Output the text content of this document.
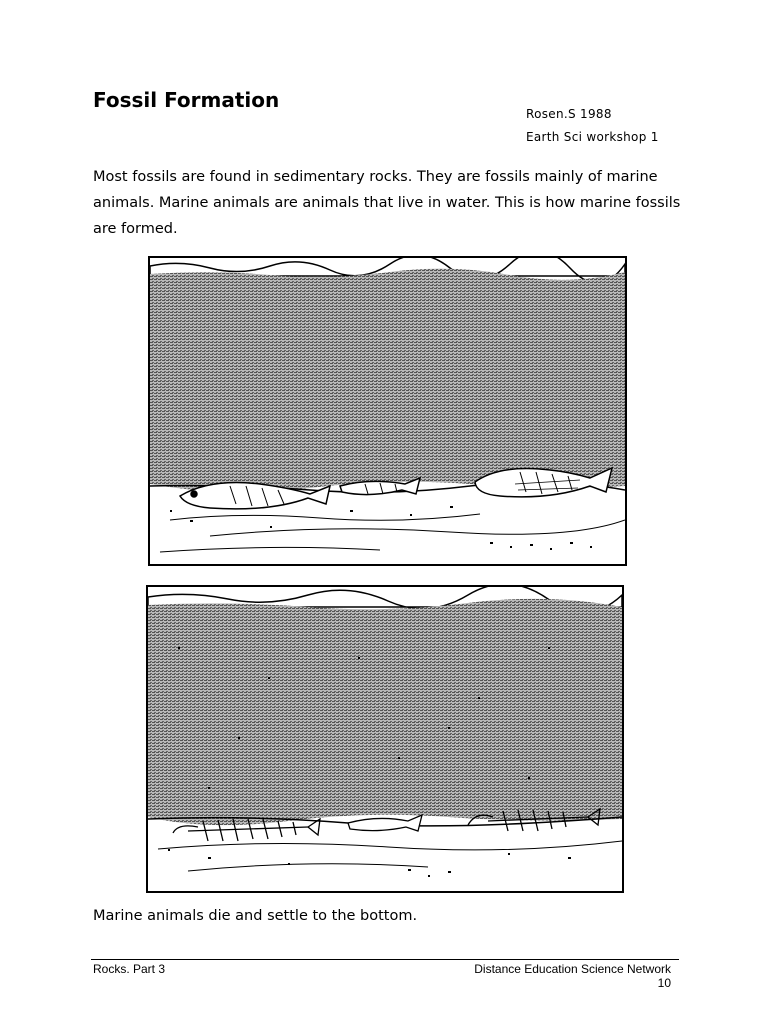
Fossil Formation
Rosen.S 1988
Earth Sci workshop 1
Most fossils are found in sedimentary rocks. They are fossils mainly of marine animals. Marine animals are animals that live in water. This is how marine fossils are formed.
Marine animals die and settle to the bottom.
Rocks. Part 3	Distance Education Science Network
10
